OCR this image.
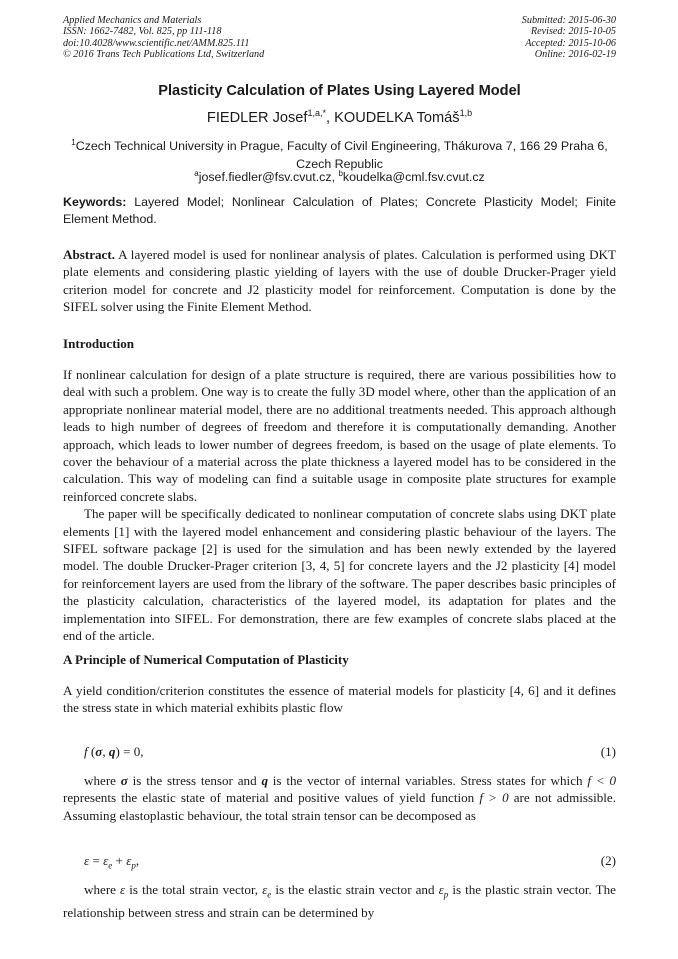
Applied Mechanics and Materials
ISSN: 1662-7482, Vol. 825, pp 111-118
doi:10.4028/www.scientific.net/AMM.825.111
© 2016 Trans Tech Publications Ltd, Switzerland
Submitted: 2015-06-30
Revised: 2015-10-05
Accepted: 2015-10-06
Online: 2016-02-19
Plasticity Calculation of Plates Using Layered Model
FIEDLER Josef$^{1,a,*}$, KOUDELKA Tomáš$^{1,b}$
$^1$Czech Technical University in Prague, Faculty of Civil Engineering, Thákurova 7, 166 29 Praha 6, Czech Republic
$^a$josef.fiedler@fsv.cvut.cz, $^b$koudelka@cml.fsv.cvut.cz
Keywords: Layered Model; Nonlinear Calculation of Plates; Concrete Plasticity Model; Finite Element Method.

Abstract. A layered model is used for nonlinear analysis of plates. Calculation is performed using DKT plate elements and considering plastic yielding of layers with the use of double Drucker-Prager yield criterion model for concrete and J2 plasticity model for reinforcement. Computation is done by the SIFEL solver using the Finite Element Method.

Introduction

If nonlinear calculation for design of a plate structure is required, there are various possibilities how to deal with such a problem. One way is to create the fully 3D model where, other than the application of an appropriate nonlinear material model, there are no additional treatments needed. This approach although leads to high number of degrees of freedom and therefore it is computationally demanding. Another approach, which leads to lower number of degrees freedom, is based on the usage of plate elements. To cover the behaviour of a material across the plate thickness a layered model has to be considered in the calculation. This way of modeling can find a suitable usage in composite plate structures for example reinforced concrete slabs.

The paper will be specifically dedicated to nonlinear computation of concrete slabs using DKT plate elements [1] with the layered model enhancement and considering plastic behaviour of the layers. The SIFEL software package [2] is used for the simulation and has been newly extended by the layered model. The double Drucker-Prager criterion [3, 4, 5] for concrete layers and the J2 plasticity [4] model for reinforcement layers are used from the library of the software. The paper describes basic principles of the plasticity calculation, characteristics of the layered model, its adaptation for plates and the implementation into SIFEL. For demonstration, there are few examples of concrete slabs placed at the end of the article.

A Principle of Numerical Computation of Plasticity
A yield condition/criterion constitutes the essence of material models for plasticity [4, 6] and it defines the stress state in which material exhibits plastic flow
f (σ, q) = 0,	(1)

where σ is the stress tensor and q is the vector of internal variables. Stress states for which f < 0 represents the elastic state of material and positive values of yield function f > 0 are not admissible. Assuming elastoplastic behaviour, the total strain tensor can be decomposed as

$\varepsilon = \varepsilon_e + \varepsilon_p$,	(2)

where ε is the total strain vector, $\varepsilon_e$ is the elastic strain vector and $\varepsilon_p$ is the plastic strain vector. The relationship between stress and strain can be determined by
